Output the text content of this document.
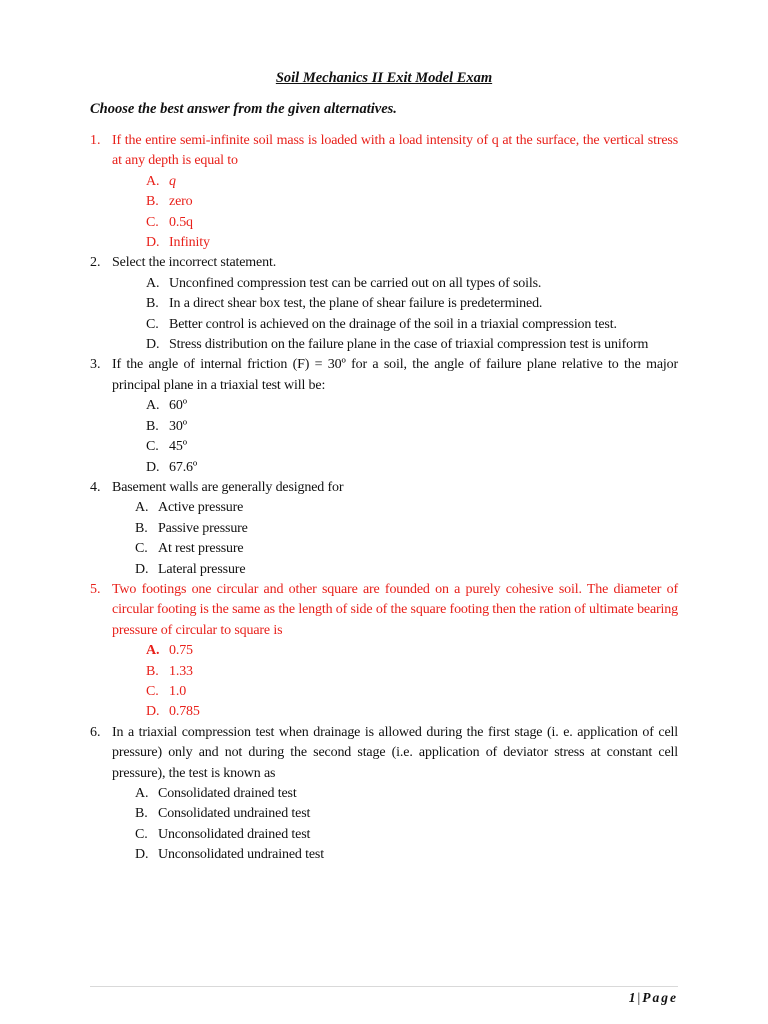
Soil Mechanics II Exit Model Exam
Choose the best answer from the given alternatives.
1. If the entire semi-infinite soil mass is loaded with a load intensity of q at the surface, the vertical stress at any depth is equal to
A. q
B. zero
C. 0.5q
D. Infinity
2. Select the incorrect statement.
A. Unconfined compression test can be carried out on all types of soils.
B. In a direct shear box test, the plane of shear failure is predetermined.
C. Better control is achieved on the drainage of the soil in a triaxial compression test.
D. Stress distribution on the failure plane in the case of triaxial compression test is uniform
3. If the angle of internal friction (F) = 30º for a soil, the angle of failure plane relative to the major principal plane in a triaxial test will be:
A. 60º
B. 30º
C. 45º
D. 67.6º
4. Basement walls are generally designed for
A. Active pressure
B. Passive pressure
C. At rest pressure
D. Lateral pressure
5. Two footings one circular and other square are founded on a purely cohesive soil. The diameter of circular footing is the same as the length of side of the square footing then the ration of ultimate bearing pressure of circular to square is
A. 0.75
B. 1.33
C. 1.0
D. 0.785
6. In a triaxial compression test when drainage is allowed during the first stage (i. e. application of cell pressure) only and not during the second stage (i.e. application of deviator stress at constant cell pressure), the test is known as
A. Consolidated drained test
B. Consolidated undrained test
C. Unconsolidated drained test
D. Unconsolidated undrained test
1 | Page
